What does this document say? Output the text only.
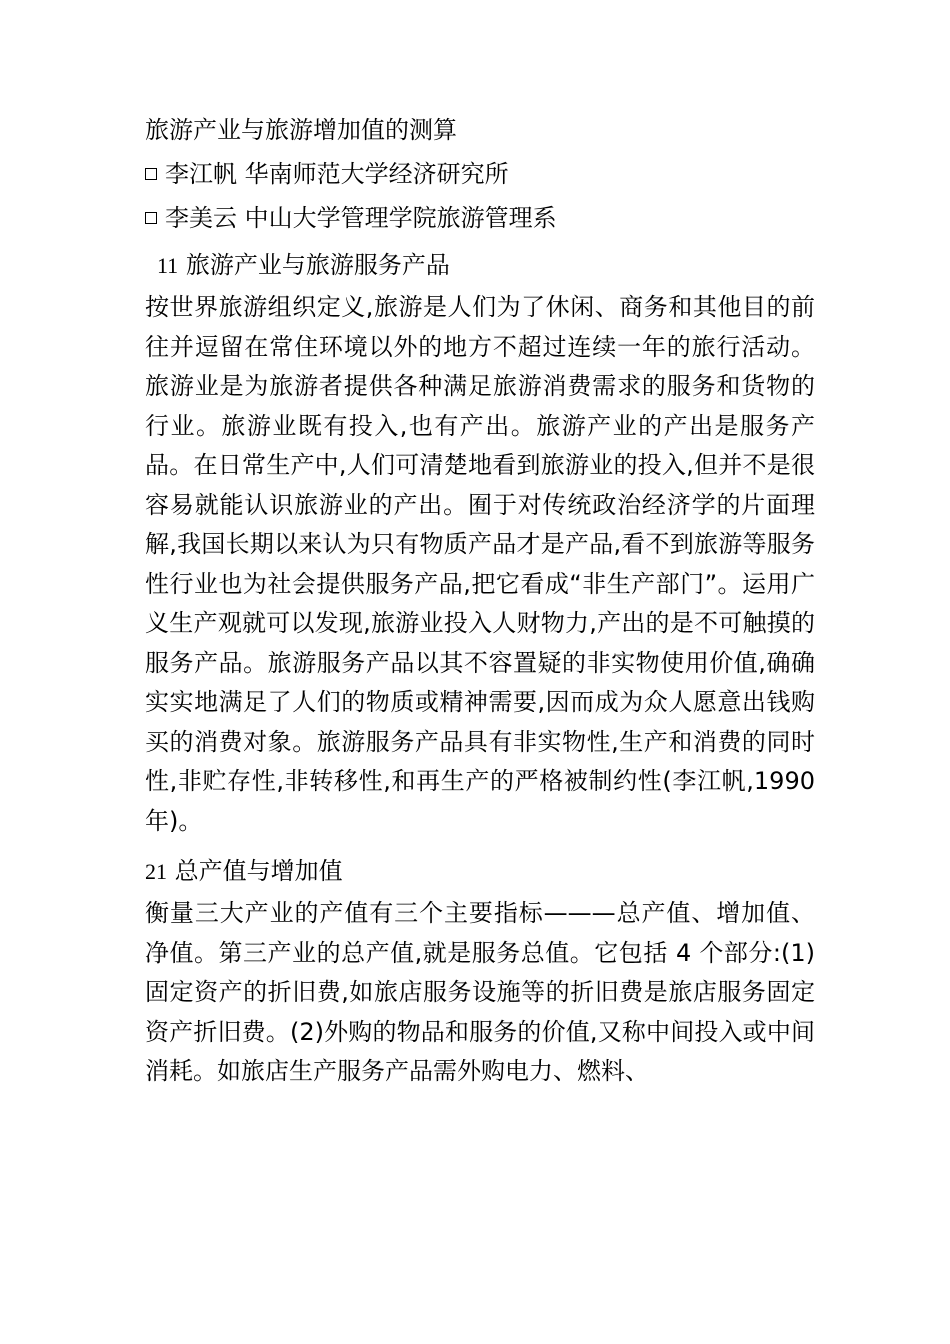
旅游产业与旅游增加值的测算
李江帆 华南师范大学经济研究所
李美云 中山大学管理学院旅游管理系
11 旅游产业与旅游服务产品

按世界旅游组织定义,旅游是人们为了休闲、商务和其他目的前往并逗留在常住环境以外的地方不超过连续一年的旅行活动。旅游业是为旅游者提供各种满足旅游消费需求的服务和货物的行业。旅游业既有投入,也有产出。旅游产业的产出是服务产品。在日常生产中,人们可清楚地看到旅游业的投入,但并不是很容易就能认识旅游业的产出。囿于对传统政治经济学的片面理解,我国长期以来认为只有物质产品才是产品,看不到旅游等服务性行业也为社会提供服务产品,把它看成“非生产部门”。运用广义生产观就可以发现,旅游业投入人财物力,产出的是不可触摸的服务产品。旅游服务产品以其不容置疑的非实物使用价值,确确实实地满足了人们的物质或精神需要,因而成为众人愿意出钱购买的消费对象。旅游服务产品具有非实物性,生产和消费的同时性,非贮存性,非转移性,和再生产的严格被制约性(李江帆,1990 年)。

21 总产值与增加值

衡量三大产业的产值有三个主要指标———总产值、增加值、净值。第三产业的总产值,就是服务总值。它包括 4 个部分:(1)固定资产的折旧费,如旅店服务设施等的折旧费是旅店服务固定资产折旧费。(2)外购的物品和服务的价值,又称中间投入或中间消耗。如旅店生产服务产品需外购电力、燃料、
